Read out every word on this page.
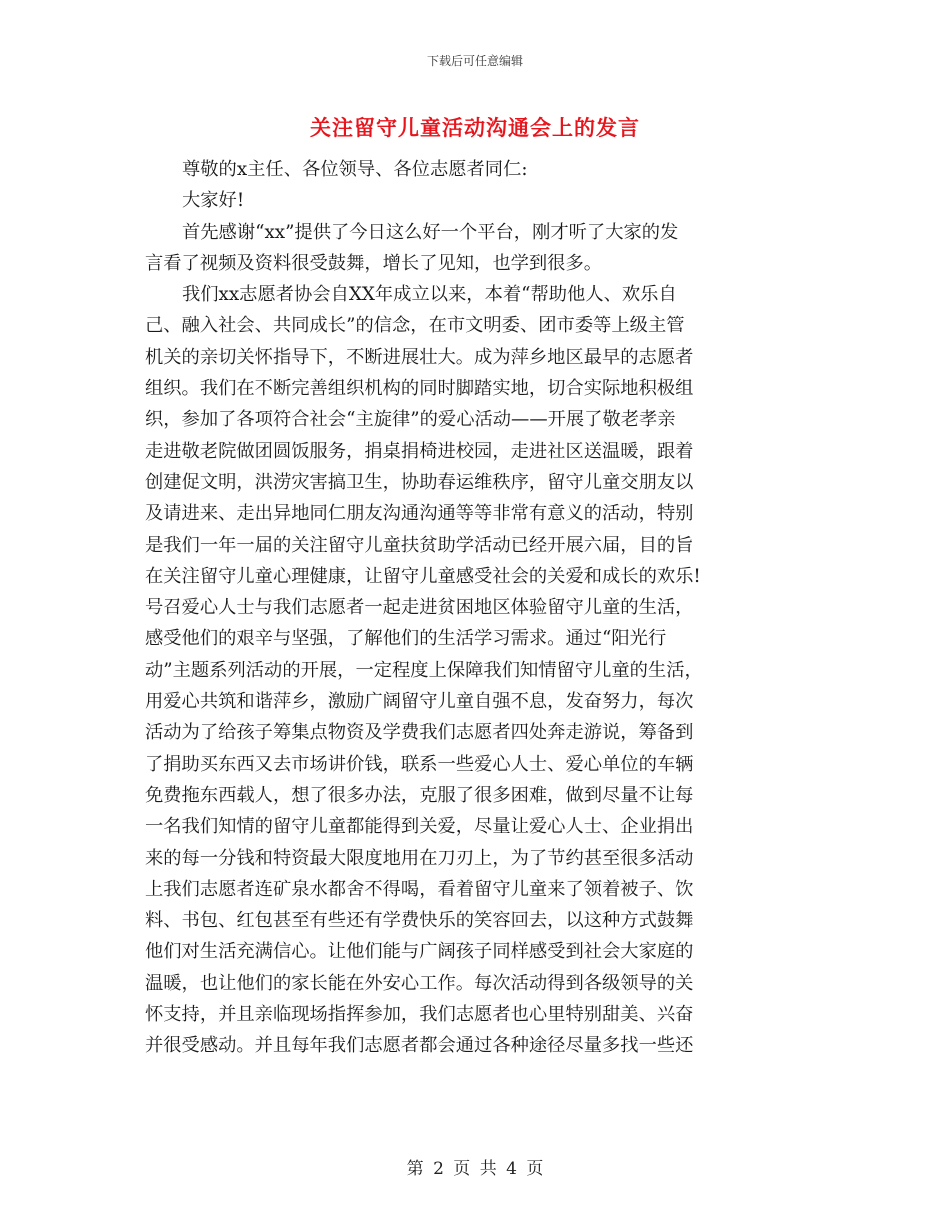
下载后可任意编辑
关注留守儿童活动沟通会上的发言
尊敬的x主任、各位领导、各位志愿者同仁:
大家好!
首先感谢“xx”提供了今日这么好一个平台，刚才听了大家的发
言看了视频及资料很受鼓舞，增长了见知，也学到很多。
我们xx志愿者协会自XX年成立以来，本着“帮助他人、欢乐自
己、融入社会、共同成长”的信念，在市文明委、团市委等上级主管
机关的亲切关怀指导下，不断进展壮大。成为萍乡地区最早的志愿者
组织。我们在不断完善组织机构的同时脚踏实地，切合实际地积极组
织，参加了各项符合社会“主旋律”的爱心活动——开展了敬老孝亲
走进敬老院做团圆饭服务，捐桌捐椅进校园，走进社区送温暖，跟着
创建促文明，洪涝灾害搞卫生，协助春运维秩序，留守儿童交朋友以
及请进来、走出异地同仁朋友沟通沟通等等非常有意义的活动，特别
是我们一年一届的关注留守儿童扶贫助学活动已经开展六届，目的旨
在关注留守儿童心理健康，让留守儿童感受社会的关爱和成长的欢乐!
号召爱心人士与我们志愿者一起走进贫困地区体验留守儿童的生活，
感受他们的艰辛与坚强，了解他们的生活学习需求。通过“阳光行
动”主题系列活动的开展，一定程度上保障我们知情留守儿童的生活，
用爱心共筑和谐萍乡，激励广阔留守儿童自强不息，发奋努力，每次
活动为了给孩子筹集点物资及学费我们志愿者四处奔走游说，筹备到
了捐助买东西又去市场讲价钱，联系一些爱心人士、爱心单位的车辆
免费拖东西载人，想了很多办法，克服了很多困难，做到尽量不让每
一名我们知情的留守儿童都能得到关爱，尽量让爱心人士、企业捐出
来的每一分钱和特资最大限度地用在刀刃上，为了节约甚至很多活动
上我们志愿者连矿泉水都舍不得喝，看着留守儿童来了领着被子、饮
料、书包、红包甚至有些还有学费快乐的笑容回去，以这种方式鼓舞
他们对生活充满信心。让他们能与广阔孩子同样感受到社会大家庭的
温暖，也让他们的家长能在外安心工作。每次活动得到各级领导的关
怀支持，并且亲临现场指挥参加，我们志愿者也心里特别甜美、兴奋
并很受感动。并且每年我们志愿者都会通过各种途径尽量多找一些还
第 2 页 共 4 页
